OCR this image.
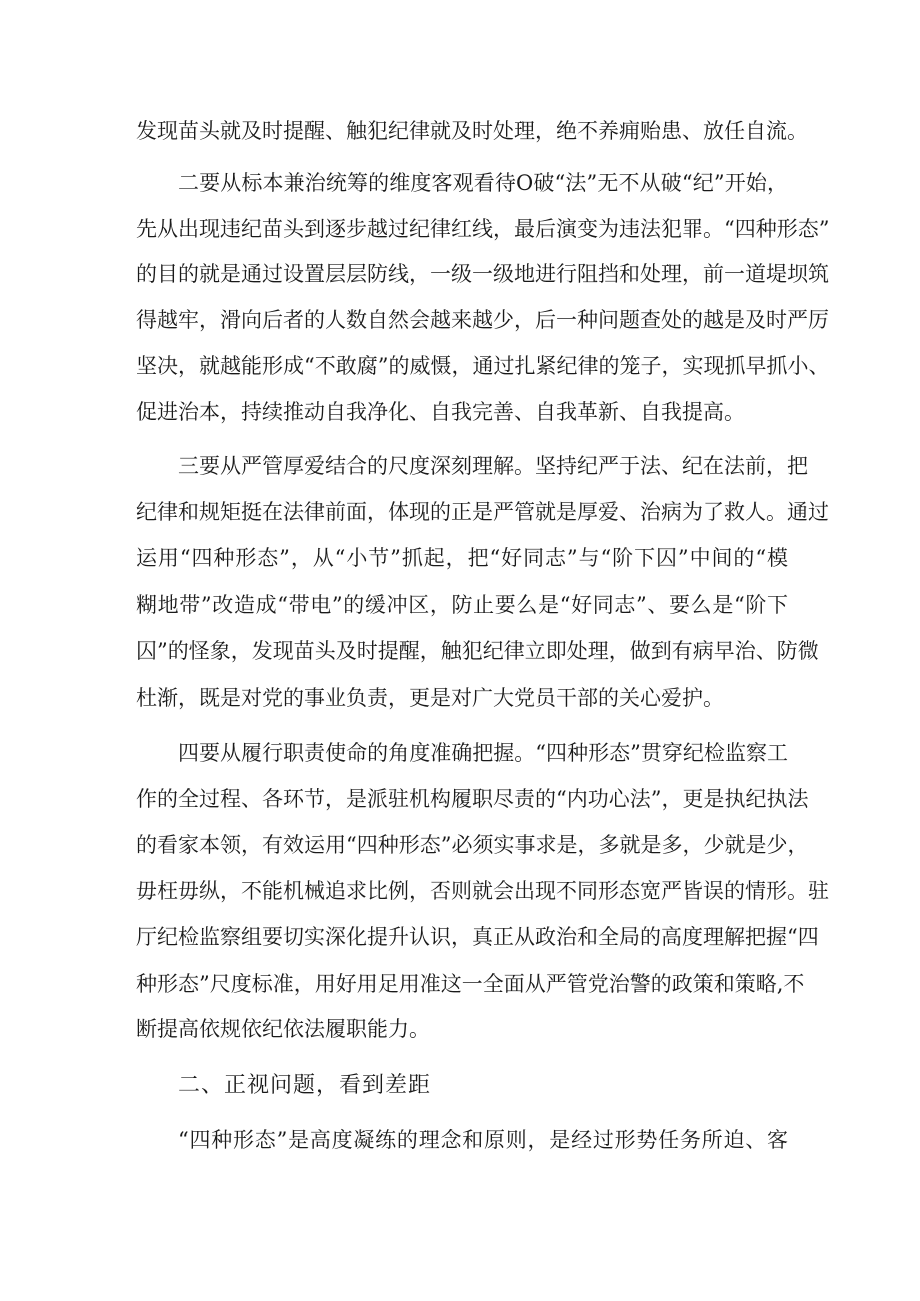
发现苗头就及时提醒、触犯纪律就及时处理，绝不养痈贻患、放任自流。
二要从标本兼治统筹的维度客观看待O破“法”无不从破“纪”开始，
先从出现违纪苗头到逐步越过纪律红线，最后演变为违法犯罪。“四种形态”
的目的就是通过设置层层防线，一级一级地进行阻挡和处理，前一道堤坝筑
得越牢，滑向后者的人数自然会越来越少，后一种问题查处的越是及时严厉
坚决，就越能形成“不敢腐”的威慑，通过扎紧纪律的笼子，实现抓早抓小、
促进治本，持续推动自我净化、自我完善、自我革新、自我提高。
三要从严管厚爱结合的尺度深刻理解。坚持纪严于法、纪在法前，把
纪律和规矩挺在法律前面，体现的正是严管就是厚爱、治病为了救人。通过
运用“四种形态”，从“小节”抓起，把“好同志”与“阶下囚”中间的“模
糊地带”改造成“带电”的缓冲区，防止要么是“好同志”、要么是“阶下
囚”的怪象，发现苗头及时提醒，触犯纪律立即处理，做到有病早治、防微
杜渐，既是对党的事业负责，更是对广大党员干部的关心爱护。
四要从履行职责使命的角度准确把握。“四种形态”贯穿纪检监察工
作的全过程、各环节，是派驻机构履职尽责的“内功心法”，更是执纪执法
的看家本领，有效运用“四种形态”必须实事求是，多就是多，少就是少，
毋枉毋纵，不能机械追求比例，否则就会出现不同形态宽严皆误的情形。驻
厅纪检监察组要切实深化提升认识，真正从政治和全局的高度理解把握“四
种形态”尺度标准，用好用足用准这一全面从严管党治警的政策和策略,不
断提高依规依纪依法履职能力。
二、正视问题，看到差距
“四种形态”是高度凝练的理念和原则，是经过形势任务所迫、客
